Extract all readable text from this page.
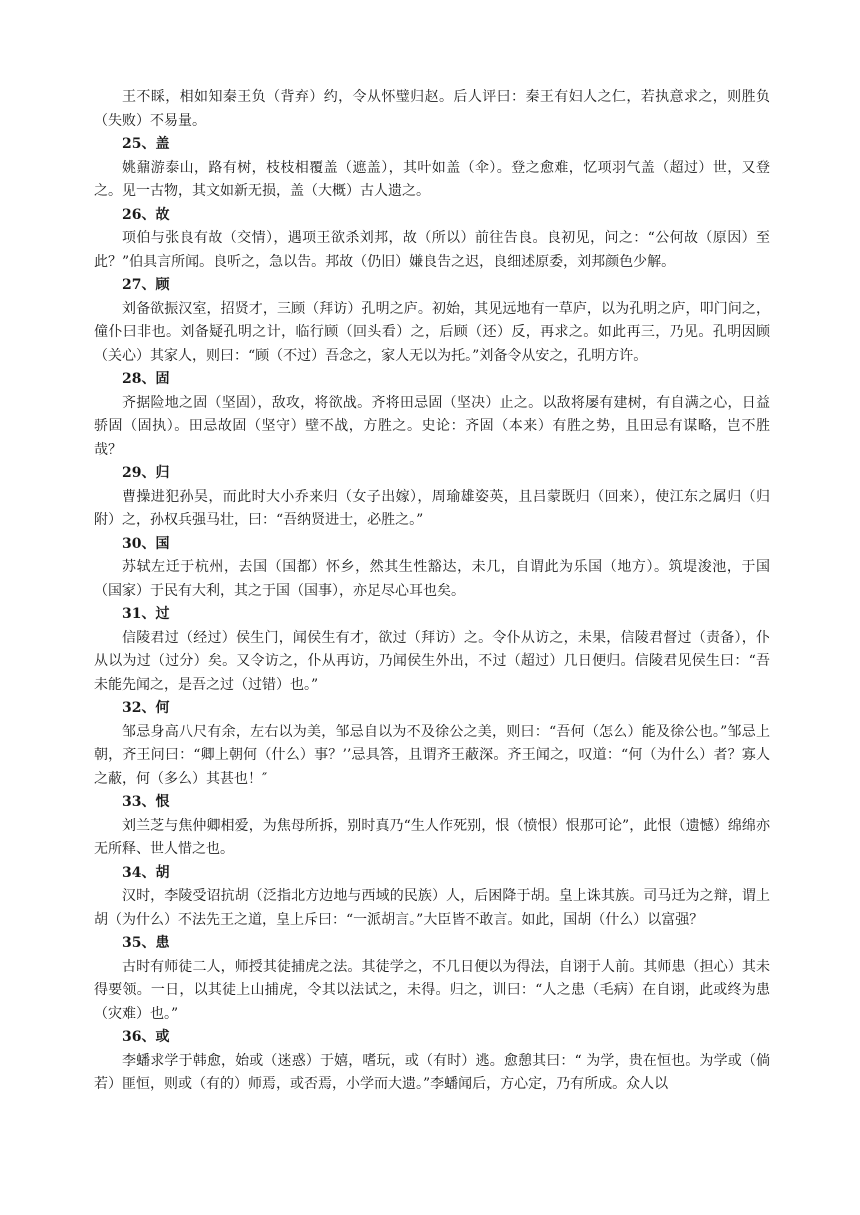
王不睬，相如知秦王负（背弃）约，令从怀璧归赵。后人评曰：秦王有妇人之仁，若执意求之，则胜负（失败）不易量。

25、盖

姚鼐游泰山，路有树，枝枝相覆盖（遮盖），其叶如盖（伞）。登之愈难，忆项羽气盖（超过）世，又登之。见一古物，其文如新无损，盖（大概）古人遗之。

26、故

项伯与张良有故（交情），遇项王欲杀刘邦，故（所以）前往告良。良初见，问之：“公何故（原因）至此？”伯具言所闻。良听之，急以告。邦故（仍旧）嫌良告之迟，良细述原委，刘邦颜色少解。

27、顾

刘备欲振汉室，招贤才，三顾（拜访）孔明之庐。初始，其见远地有一草庐，以为孔明之庐，叩门问之，僮仆曰非也。刘备疑孔明之计，临行顾（回头看）之，后顾（还）反，再求之。如此再三，乃见。孔明因顾（关心）其家人，则曰：“顾（不过）吾念之，家人无以为托。”刘备令从安之，孔明方许。

28、固

齐据险地之固（坚固），敌攻，将欲战。齐将田忌固（坚决）止之。以敌将屡有建树，有自满之心，日益骄固（固执）。田忌故固（坚守）壁不战，方胜之。史论：齐固（本来）有胜之势，且田忌有谋略，岂不胜哉？

29、归

曹操进犯孙吴，而此时大小乔来归（女子出嫁），周瑜雄姿英，且吕蒙既归（回来），使江东之属归（归附）之，孙权兵强马壮，曰：“吾纳贤进士，必胜之。”

30、国

苏轼左迁于杭州，去国（国都）怀乡，然其生性豁达，未几，自谓此为乐国（地方）。筑堤浚池，于国（国家）于民有大利，其之于国（国事），亦足尽心耳也矣。

31、过

信陵君过（经过）侯生门，闻侯生有才，欲过（拜访）之。令仆从访之，未果，信陵君督过（责备），仆从以为过（过分）矣。又令访之，仆从再访，乃闻侯生外出，不过（超过）几日便归。信陵君见侯生曰：“吾未能先闻之，是吾之过（过错）也。”

32、何

邹忌身高八尺有余，左右以为美，邹忌自以为不及徐公之美，则曰：“吾何（怎么）能及徐公也。”邹忌上朝，齐王问曰：“卿上朝何（什么）事？’’忌具答，且谓齐王蔽深。齐王闻之，叹道：“何（为什么）者？寡人之蔽，何（多么）其甚也！″

33、恨

刘兰芝与焦仲卿相爱，为焦母所拆，别时真乃“生人作死别，恨（愤恨）恨那可论”，此恨（遗憾）绵绵亦无所释、世人惜之也。

34、胡

汉时，李陵受诏抗胡（泛指北方边地与西域的民族）人，后困降于胡。皇上诛其族。司马迁为之辩，谓上胡（为什么）不法先王之道，皇上斥曰：“一派胡言。”大臣皆不敢言。如此，国胡（什么）以富强？

35、患

古时有师徒二人，师授其徒捕虎之法。其徒学之，不几日便以为得法，自诩于人前。其师患（担心）其未得要领。一日，以其徒上山捕虎，令其以法试之，未得。归之，训曰：“人之患（毛病）在自诩，此或终为患（灾难）也。”

36、或

李蟠求学于韩愈，始或（迷惑）于嬉，嗜玩，或（有时）逃。愈憩其曰：“ 为学，贵在恒也。为学或（倘若）匪恒，则或（有的）师焉，或否焉，小学而大遗。”李蟠闻后，方心定，乃有所成。众人以
